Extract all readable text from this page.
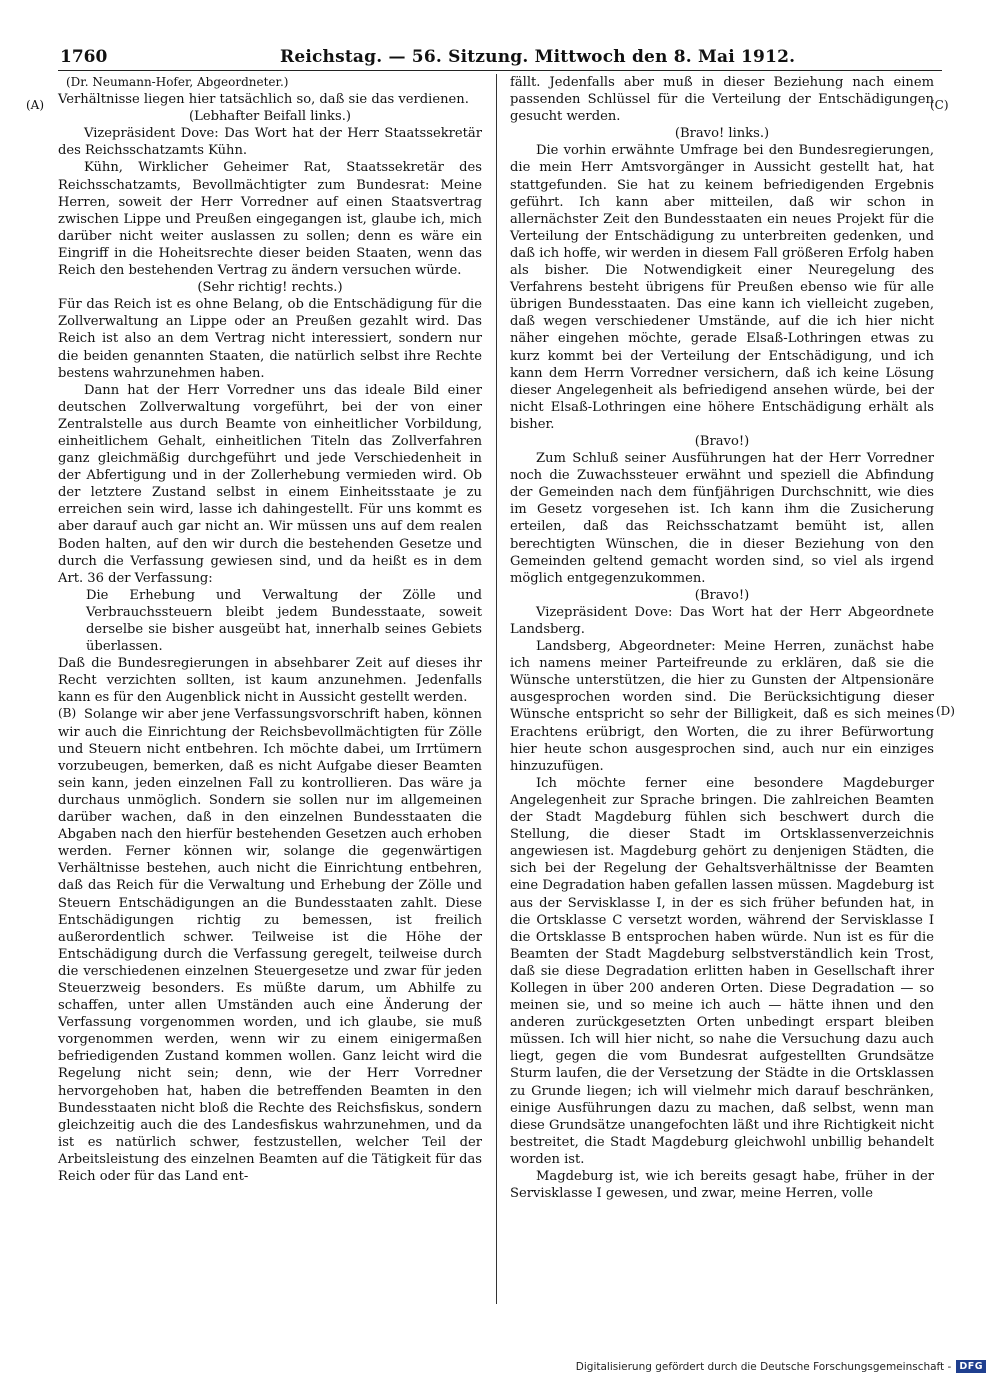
1760	Reichstag. — 56. Sitzung. Mittwoch den 8. Mai 1912.

(Dr. Neumann-Hofer, Abgeordneter.)

Verhältnisse liegen hier tatsächlich so, daß sie das verdienen.

(Lebhafter Beifall links.)

Vizepräsident Dove: Das Wort hat der Herr Staatssekretär des Reichsschatzamts Kühn.

Kühn, Wirklicher Geheimer Rat, Staatssekretär des Reichsschatzamts, Bevollmächtigter zum Bundesrat: Meine Herren, soweit der Herr Vorredner auf einen Staatsvertrag zwischen Lippe und Preußen eingegangen ist, glaube ich, mich darüber nicht weiter auslassen zu sollen; denn es wäre ein Eingriff in die Hoheitsrechte dieser beiden Staaten, wenn das Reich den bestehenden Vertrag zu ändern versuchen würde.

(Sehr richtig! rechts.)

Für das Reich ist es ohne Belang, ob die Entschädigung für die Zollverwaltung an Lippe oder an Preußen gezahlt wird. Das Reich ist also an dem Vertrag nicht interessiert, sondern nur die beiden genannten Staaten, die natürlich selbst ihre Rechte bestens wahrzunehmen haben.

Dann hat der Herr Vorredner uns das ideale Bild einer deutschen Zollverwaltung vorgeführt, bei der von einer Zentralstelle aus durch Beamte von einheitlicher Vorbildung, einheitlichem Gehalt, einheitlichen Titeln das Zollverfahren ganz gleichmäßig durchgeführt und jede Verschiedenheit in der Abfertigung und in der Zollerhebung vermieden wird. Ob der letztere Zustand selbst in einem Einheitsstaate je zu erreichen sein wird, lasse ich dahingestellt. Für uns kommt es aber darauf auch gar nicht an. Wir müssen uns auf dem realen Boden halten, auf den wir durch die bestehenden Gesetze und durch die Verfassung gewiesen sind, und da heißt es in dem Art. 36 der Verfassung:

Die Erhebung und Verwaltung der Zölle und Verbrauchssteuern bleibt jedem Bundesstaate, soweit derselbe sie bisher ausgeübt hat, innerhalb seines Gebiets überlassen.

Daß die Bundesregierungen in absehbarer Zeit auf dieses ihr Recht verzichten sollten, ist kaum anzunehmen. Jedenfalls kann es für den Augenblick nicht in Aussicht gestellt werden.

Solange wir aber jene Verfassungsvorschrift haben, können wir auch die Einrichtung der Reichsbevollmächtigten für Zölle und Steuern nicht entbehren. Ich möchte dabei, um Irrtümern vorzubeugen, bemerken, daß es nicht Aufgabe dieser Beamten sein kann, jeden einzelnen Fall zu kontrollieren. Das wäre ja durchaus unmöglich. Sondern sie sollen nur im allgemeinen darüber wachen, daß in den einzelnen Bundesstaaten die Abgaben nach den hierfür bestehenden Gesetzen auch erhoben werden. Ferner können wir, solange die gegenwärtigen Verhältnisse bestehen, auch nicht die Einrichtung entbehren, daß das Reich für die Verwaltung und Erhebung der Zölle und Steuern Entschädigungen an die Bundesstaaten zahlt. Diese Entschädigungen richtig zu bemessen, ist freilich außerordentlich schwer. Teilweise ist die Höhe der Entschädigung durch die Verfassung geregelt, teilweise durch die verschiedenen einzelnen Steuergesetze und zwar für jeden Steuerzweig besonders. Es müßte darum, um Abhilfe zu schaffen, unter allen Umständen auch eine Änderung der Verfassung vorgenommen worden, und ich glaube, sie muß vorgenommen werden, wenn wir zu einem einigermaßen befriedigenden Zustand kommen wollen. Ganz leicht wird die Regelung nicht sein; denn, wie der Herr Vorredner hervorgehoben hat, haben die betreffenden Beamten in den Bundesstaaten nicht bloß die Rechte des Reichsfiskus, sondern gleichzeitig auch die des Landesfiskus wahrzunehmen, und da ist es natürlich schwer, festzustellen, welcher Teil der Arbeitsleistung des einzelnen Beamten auf die Tätigkeit für das Reich oder für das Land ent-

fällt. Jedenfalls aber muß in dieser Beziehung nach einem passenden Schlüssel für die Verteilung der Entschädigungen gesucht werden.

(Bravo! links.)

Die vorhin erwähnte Umfrage bei den Bundesregierungen, die mein Herr Amtsvorgänger in Aussicht gestellt hat, hat stattgefunden. Sie hat zu keinem befriedigenden Ergebnis geführt. Ich kann aber mitteilen, daß wir schon in allernächster Zeit den Bundesstaaten ein neues Projekt für die Verteilung der Entschädigung zu unterbreiten gedenken, und daß ich hoffe, wir werden in diesem Fall größeren Erfolg haben als bisher. Die Notwendigkeit einer Neuregelung des Verfahrens besteht übrigens für Preußen ebenso wie für alle übrigen Bundesstaaten. Das eine kann ich vielleicht zugeben, daß wegen verschiedener Umstände, auf die ich hier nicht näher eingehen möchte, gerade Elsaß-Lothringen etwas zu kurz kommt bei der Verteilung der Entschädigung, und ich kann dem Herrn Vorredner versichern, daß ich keine Lösung dieser Angelegenheit als befriedigend ansehen würde, bei der nicht Elsaß-Lothringen eine höhere Entschädigung erhält als bisher.

(Bravo!)

Zum Schluß seiner Ausführungen hat der Herr Vorredner noch die Zuwachssteuer erwähnt und speziell die Abfindung der Gemeinden nach dem fünfjährigen Durchschnitt, wie dies im Gesetz vorgesehen ist. Ich kann ihm die Zusicherung erteilen, daß das Reichsschatzamt bemüht ist, allen berechtigten Wünschen, die in dieser Beziehung von den Gemeinden geltend gemacht worden sind, so viel als irgend möglich entgegenzukommen.

(Bravo!)

Vizepräsident Dove: Das Wort hat der Herr Abgeordnete Landsberg.

Landsberg, Abgeordneter: Meine Herren, zunächst habe ich namens meiner Parteifreunde zu erklären, daß sie die Wünsche unterstützen, die hier zu Gunsten der Altpensionäre ausgesprochen worden sind. Die Berücksichtigung dieser Wünsche entspricht so sehr der Billigkeit, daß es sich meines Erachtens erübrigt, den Worten, die zu ihrer Befürwortung hier heute schon ausgesprochen sind, auch nur ein einziges hinzuzufügen.

Ich möchte ferner eine besondere Magdeburger Angelegenheit zur Sprache bringen. Die zahlreichen Beamten der Stadt Magdeburg fühlen sich beschwert durch die Stellung, die dieser Stadt im Ortsklassenverzeichnis angewiesen ist. Magdeburg gehört zu denjenigen Städten, die sich bei der Regelung der Gehaltsverhältnisse der Beamten eine Degradation haben gefallen lassen müssen. Magdeburg ist aus der Servisklasse I, in der es sich früher befunden hat, in die Ortsklasse C versetzt worden, während der Servisklasse I die Ortsklasse B entsprochen haben würde. Nun ist es für die Beamten der Stadt Magdeburg selbstverständlich kein Trost, daß sie diese Degradation erlitten haben in Gesellschaft ihrer Kollegen in über 200 anderen Orten. Diese Degradation — so meinen sie, und so meine ich auch — hätte ihnen und den anderen zurückgesetzten Orten unbedingt erspart bleiben müssen. Ich will hier nicht, so nahe die Versuchung dazu auch liegt, gegen die vom Bundesrat aufgestellten Grundsätze Sturm laufen, die der Versetzung der Städte in die Ortsklassen zu Grunde liegen; ich will vielmehr mich darauf beschränken, einige Ausführungen dazu zu machen, daß selbst, wenn man diese Grundsätze unangefochten läßt und ihre Richtigkeit nicht bestreitet, die Stadt Magdeburg gleichwohl unbillig behandelt worden ist.

Magdeburg ist, wie ich bereits gesagt habe, früher in der Servisklasse I gewesen, und zwar, meine Herren, volle

(A)
(B)
(C)
(D)
Digitalisierung gefördert durch die Deutsche Forschungsgemeinschaft - DFG
